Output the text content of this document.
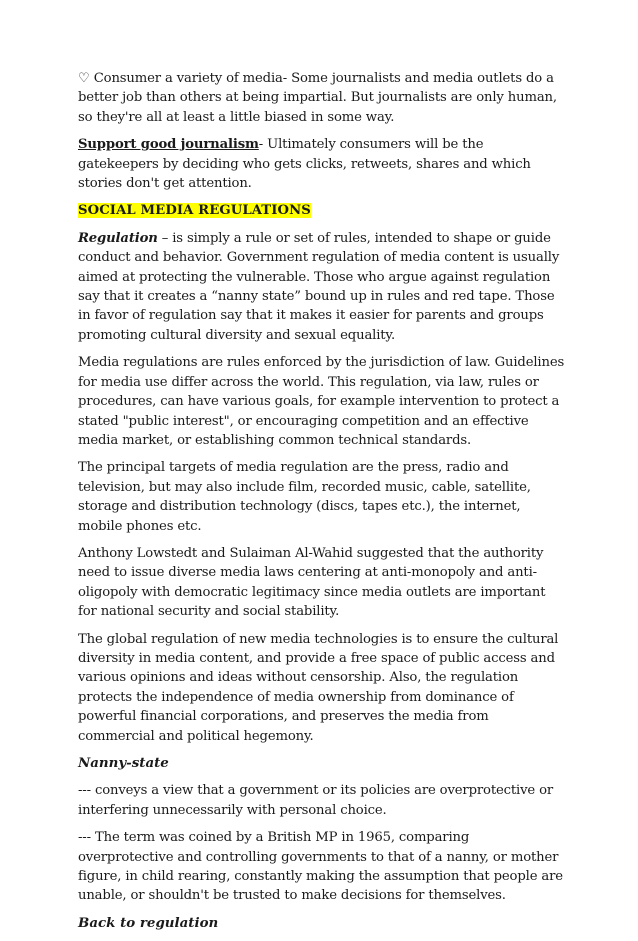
♡ Consumer a variety of media- Some journalists and media outlets do a better job than others at being impartial. But journalists are only human, so they're all at least a little biased in some way.

Support good journalism- Ultimately consumers will be the gatekeepers by deciding who gets clicks, retweets, shares and which stories don't get attention.

SOCIAL MEDIA REGULATIONS

Regulation – is simply a rule or set of rules, intended to shape or guide conduct and behavior. Government regulation of media content is usually aimed at protecting the vulnerable. Those who argue against regulation say that it creates a “nanny state” bound up in rules and red tape. Those in favor of regulation say that it makes it easier for parents and groups promoting cultural diversity and sexual equality.

Media regulations are rules enforced by the jurisdiction of law. Guidelines for media use differ across the world. This regulation, via law, rules or procedures, can have various goals, for example intervention to protect a stated "public interest", or encouraging competition and an effective media market, or establishing common technical standards.

The principal targets of media regulation are the press, radio and television, but may also include film, recorded music, cable, satellite, storage and distribution technology (discs, tapes etc.), the internet, mobile phones etc.

Anthony Lowstedt and Sulaiman Al-Wahid suggested that the authority need to issue diverse media laws centering at anti-monopoly and anti-oligopoly with democratic legitimacy since media outlets are important for national security and social stability.

The global regulation of new media technologies is to ensure the cultural diversity in media content, and provide a free space of public access and various opinions and ideas without censorship. Also, the regulation protects the independence of media ownership from dominance of powerful financial corporations, and preserves the media from commercial and political hegemony.

Nanny-state

--- conveys a view that a government or its policies are overprotective or interfering unnecessarily with personal choice.

--- The term was coined by a British MP in 1965, comparing overprotective and controlling governments to that of a nanny, or mother figure, in child rearing, constantly making the assumption that people are unable, or shouldn't be trusted to make decisions for themselves.

Back to regulation
